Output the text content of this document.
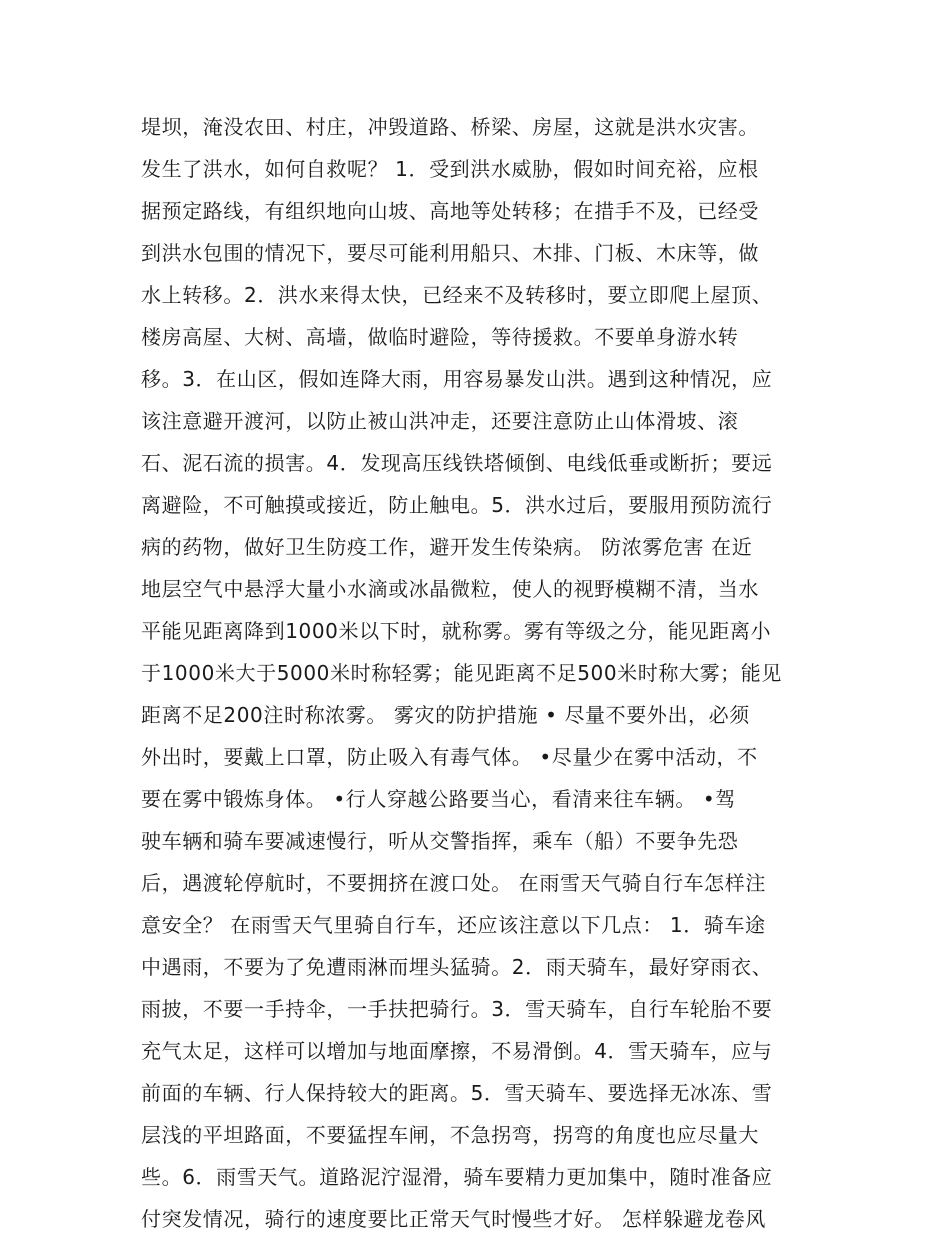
堤坝，淹没农田、村庄，冲毁道路、桥梁、房屋，这就是洪水灾害。
发生了洪水，如何自救呢？ 1．受到洪水威胁，假如时间充裕，应根
据预定路线，有组织地向山坡、高地等处转移；在措手不及，已经受
到洪水包围的情况下，要尽可能利用船只、木排、门板、木床等，做
水上转移。2．洪水来得太快，已经来不及转移时，要立即爬上屋顶、
楼房高屋、大树、高墙，做临时避险，等待援救。不要单身游水转
移。3．在山区，假如连降大雨，用容易暴发山洪。遇到这种情况，应
该注意避开渡河，以防止被山洪冲走，还要注意防止山体滑坡、滚
石、泥石流的损害。4．发现高压线铁塔倾倒、电线低垂或断折；要远
离避险，不可触摸或接近，防止触电。5．洪水过后，要服用预防流行
病的药物，做好卫生防疫工作，避开发生传染病。 防浓雾危害 在近
地层空气中悬浮大量小水滴或冰晶微粒，使人的视野模糊不清，当水
平能见距离降到1000米以下时，就称雾。雾有等级之分，能见距离小
于1000米大于5000米时称轻雾；能见距离不足500米时称大雾；能见
距离不足200注时称浓雾。 雾灾的防护措施 • 尽量不要外出，必须
外出时，要戴上口罩，防止吸入有毒气体。 •尽量少在雾中活动，不
要在雾中锻炼身体。 •行人穿越公路要当心，看清来往车辆。 •驾
驶车辆和骑车要减速慢行，听从交警指挥，乘车（船）不要争先恐
后，遇渡轮停航时，不要拥挤在渡口处。 在雨雪天气骑自行车怎样注
意安全？ 在雨雪天气里骑自行车，还应该注意以下几点： 1．骑车途
中遇雨，不要为了免遭雨淋而埋头猛骑。2．雨天骑车，最好穿雨衣、
雨披，不要一手持伞，一手扶把骑行。3．雪天骑车，自行车轮胎不要
充气太足，这样可以增加与地面摩擦，不易滑倒。4．雪天骑车，应与
前面的车辆、行人保持较大的距离。5．雪天骑车、要选择无冰冻、雪
层浅的平坦路面，不要猛捏车闸，不急拐弯，拐弯的角度也应尽量大
些。6．雨雪天气。道路泥泞湿滑，骑车要精力更加集中，随时准备应
付突发情况，骑行的速度要比正常天气时慢些才好。 怎样躲避龙卷风
